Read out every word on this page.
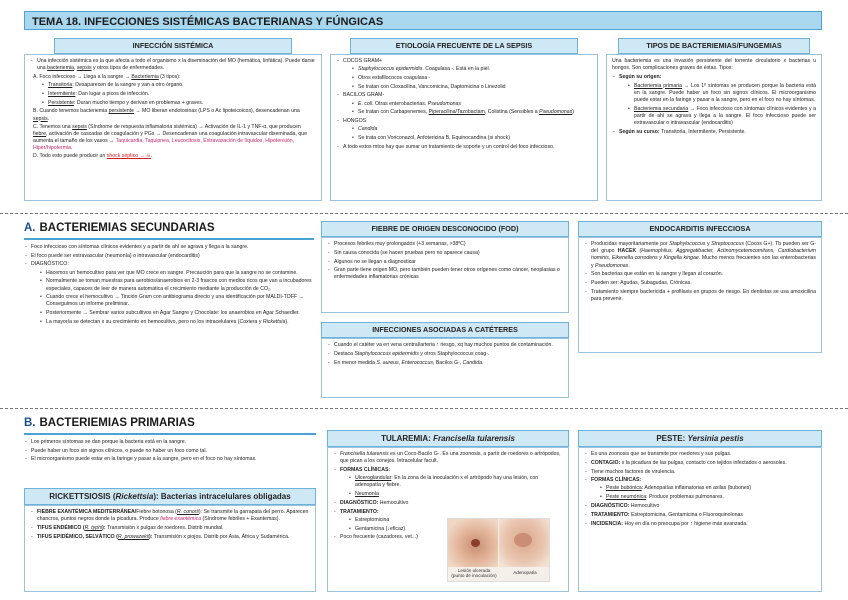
TEMA 18. INFECCIONES SISTÉMICAS BACTERIANAS Y FÚNGICAS
INFECCIÓN SISTÉMICA
- Una infección sistémica es la que afecta a todo el organismo x la diseminación del MO (hemática, linfática). Puede darse una bacteriemia, sepsis y otros tipos de enfermedades.
A. Foco infeccioso → Llega a la sangre → Bacteriemia (3 tipos):
• Transitoria: Desaparecen de la sangre y van a otro órgano.
• Intermitente: Dan lugar a picos de infección.
• Persistente: Duran mucho tiempo y derivan en problemas + graves.
B. Cuando tenemos bacteriemia persistente → MO liberan endotoxinas (LPS o Ac lipoteicoicos), desencadenan una sepsis.
C. Tenemos una sepsis (Síndrome de respuesta inflamatoria sistémica) → Activación de IL-1 y TNF-α, que producen fiebre, activación de cascadas de coagulación y PGs → Desencadenan una coagulación intravascular diseminada, que aumenta el tamaño de los vasos → Taquicardia, Taquipnea, Leucocitosis, Extravasación de líquidos, Hipotensión, Hiper/hipotermia.
D. Todo esto puede producir un shock séptico → ☠.
ETIOLOGÍA FRECUENTE DE LA SEPSIS
- COCOS GRAM+
• Staphylococcus epidermidis. Coagulasa -. Está en la piel.
• Otros estafilococos coagulasa -
• Se tratan con Cloxacilina, Vancomicina, Daptomicina o Linezolid
- BACILOS GRAM-
• E. coli. Otras enterobacterias, Pseudomonas
• Se tratan con Carbapenemes, Piperacilina/Tazobactam, Colistina (Sensibles a Pseudomonas)
- HONGOS
• Candida
• Se trata con Voriconazol, Anfotericina B, Equinocandina (si shock)
- A todo estos mtos hay que sumar un tratamiento de soporte y un control del foco infeccioso.
TIPOS DE BACTERIEMIAS/FUNGEMIAS
Una bacteriemia es una invasión persistente del torrente circulatorio x bacterias u hongos. Son complicaciones graves de éstas. Tipos:
- Según su origen:
• Bacteriemia primaria → Los 1º síntomas se producen porque la bacteria está en la sangre. Puede haber un foco sin signos clínicos. El microorganismo puede estar en la faringe y pasar a la sangre, pero en el foco no hay síntomas.
• Bacteriemia secundaria → Foco infeccioso con síntomas clínicos evidentes y a partir de ahí se agrava y llega a la sangre. El foco infeccioso puede ser extravascular o intravascular (endocarditis)
- Según su curso: Transitoria, Intermitente, Persistente.
A. BACTERIEMIAS SECUNDARIAS
- Foco infeccioso con síntomas clínicos evidentes y a partir de ahí se agrava y llega a la sangre.
- El foco puede ser extravascular (neumonía) o intravascular (endocarditis)
- DIAGNÓSTICO:
• Hacemos un hemocultivo para ver que MO crece en sangre. Precaución para que la sangre no se contamine.
• Normalmente se toman muestras para aerobios/anaerobios en 2-3 frascos con medios ricos que van a incubadores especiales, capaces de leer de manera automática el crecimiento mediante la producción de CO₂.
• Cuando crece el hemocultivo → Tinción Gram con antibiograma directo y una identificación por MALDI-TOFF → Conseguimos un informe preliminar.
• Posteriormente → Sembrar varios subcultivos en Agar Sangre y Chocolate: los anaerobios en Agar Schaedler.
• La mayoría se detectan x su crecimiento en hemocultivo, pero no los intracelulares (Coxiera y Rickettsia).
FIEBRE DE ORIGEN DESCONOCIDO (FOD)
- Procesos febriles muy prolongados (+3 semanas, >38ºC)
- Sin causa conocida (se hacen pruebas pero no aparece causa)
- Algunos no se llegan a diagnosticar
- Gran parte tiene origen MO, pero también pueden tener otros orígenes como cáncer, neoplasias o enfermedades inflamatorias crónicas
INFECCIONES ASOCIADAS A CATÉTERES
- Cuando el catéter va en vena central/arteria ↑ riesgo, xq hay muchos puntos de contaminación.
- Destaca Staphylococcus epidermidis y otros Staphylococcus coag-.
- En menor medida S. aureus, Enterococcus, Bacilos G-, Candida.
ENDOCARDITIS INFECCIOSA
- Producidas mayoritariamente por Staphylococcus y Streptococcus (Cocos G+). Tb pueden ser G- del grupo HACEK (Haemophilus, Aggregatibacter, Actinomycetemcomitans, Cardiobacterium hominis, Eikenella corrodens y Kingella kingae. Mucho menos frecuentes son las enterobacterias y Pseudomonas.
- Son bacterias que están en la sangre y llegan al corazón.
- Pueden ser: Agudas, Subagudas, Crónicas.
- Tratamiento siempre bactericida + profilaxis en grupos de riesgo. En dentistas se usa amoxicilina para prevenir.
B. BACTERIEMIAS PRIMARIAS
- Los primeros síntomas se dan porque la bacteria está en la sangre.
- Puede haber un foco sin signos clínicos, o puede no haber un foco como tal.
- El microorganismo puede estar en la faringe y pasar a la sangre, pero en el foco no hay síntomas.
RICKETTSIOSIS (Rickettsia): Bacterias intracelulares obligadas
- FIEBRE EXANTÉMICA MEDITERRÁNEA/Fiebre botonosa (R. conorii): Se transmite la garrapata del perro. Aparecen chancros, puntos negros donde la picadura. Produce fiebre exantémica (Síndrome febriles + Exantemas).
- TIFUS ENDÉMICO (R. typhi): Transmisión x pulgas de roedores. Distrib mundial.
- TIFUS EPIDÉMICO, SELVÁTICO (R. prowazekii): Transmisión x piojos. Distrib por Asia, África y Sudamérica.
TULAREMIA: Francisella tularensis
- Francisella tularensis es un Coco-Bacilo G-. Es una zoonosis, a partir de roedores o artrópodos, que pican a los conejos. Intracelular facult.
- FORMAS CLÍNICAS:
• Ulceroglandular: En la zona de la inoculación x el artrópodo hay una lesión, con adenopatía y fiebre.
• Neumonía
- DIAGNÓSTICO: Hemocultivo
- TRATAMIENTO:
• Estreptomicina
• Gentamicina (↓eficaz)
- Poco frecuente (cazadores, vet...)
Lesión ulcerada
(punto de inoculación)
Adenopatía
PESTE: Yersinia pestis
- Es una zoonosis que se transmite por roedores y sus pulgas.
- CONTAGIO: x la picadura de las pulgas, contacto con tejidos infectados o aerosoles.
- Tiene muchos factores de virulencia.
- FORMAS CLÍNICAS:
• Peste bubónica: Adenopatías inflamatorias en axilas (bubones)
• Peste neumónica: Produce problemas pulmonares.
- DIAGNÓSTICO: Hemocultivo
- TRATAMIENTO: Estreptomicina, Gentamicina o Fluoroquinolonas
- INCIDENCIA: Hoy en día no preocupa por ↑ higiene más avanzada.
